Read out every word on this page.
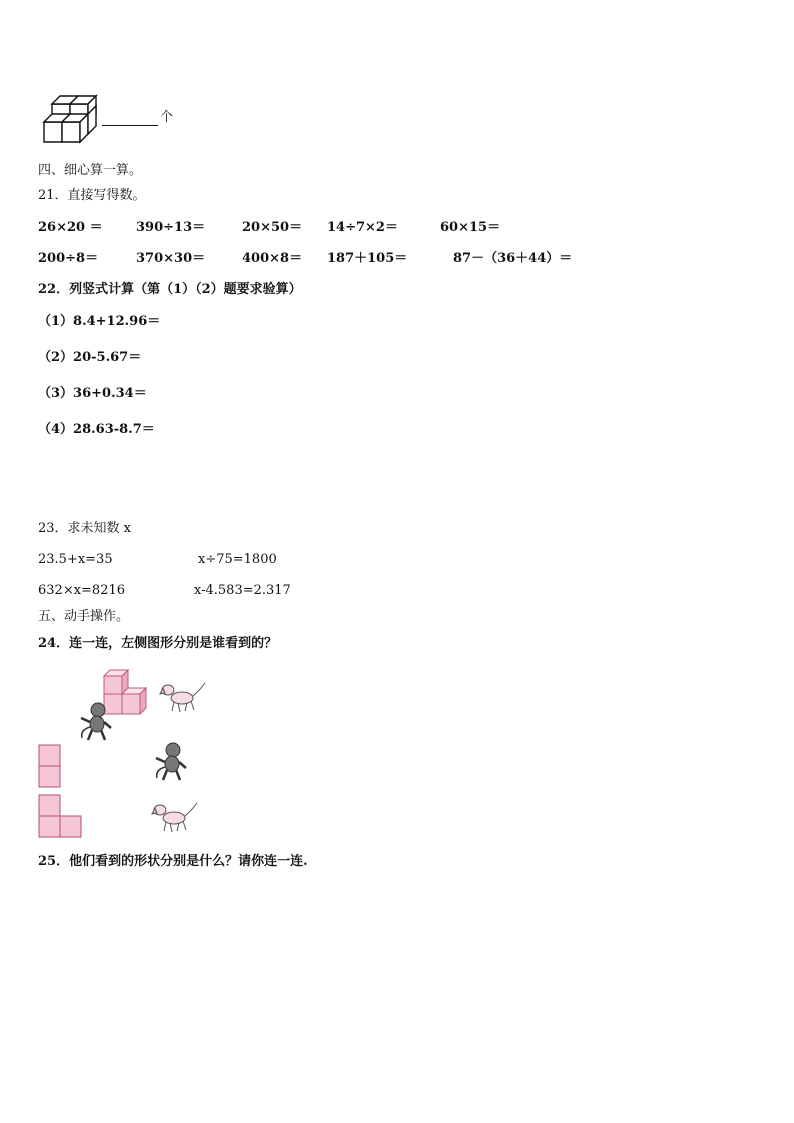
个
四、细心算一算。
21．直接写得数。
26×20 ＝	390÷13＝	20×50＝ 14÷7×2＝	60×15＝
200÷8＝	370×30＝	400×8＝ 187＋105＝	87－（36＋44）＝
22．列竖式计算（第（1）（2）题要求验算）
（1）8.4+12.96＝
（2）20-5.67＝
（3）36+0.34＝
（4）28.63-8.7＝
23．求未知数 x
23.5+x=35	x÷75=1800
632×x=8216	x-4.583=2.317
五、动手操作。
24．连一连，左侧图形分别是谁看到的？
25．他们看到的形状分别是什么？请你连一连.
